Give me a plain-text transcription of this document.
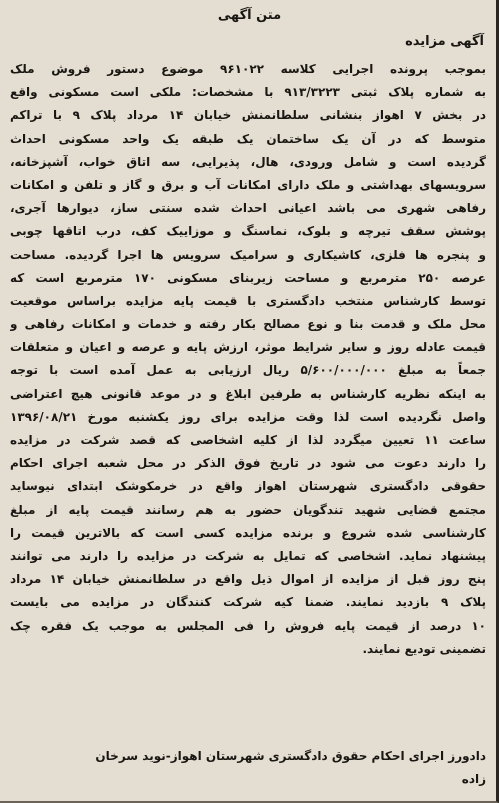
متن آگهی
آگهی مزایده
بموجب پرونده اجرایی کلاسه ۹۶۱۰۲۲ موضوع دستور فروش ملک
به شماره پلاک ثبتی ۹۱۳/۳۲۲۳ با مشخصات: ملکی است مسکونی واقع
در بخش ۷ اهواز بنشانی سلطانمنش خیابان ۱۴ مرداد پلاک ۹ با تراکم
متوسط که در آن یک ساختمان یک طبقه یک واحد مسکونی احداث
گردیده است و شامل ورودی، هال، پذیرایی، سه اتاق خواب، آشپزخانه،
سرویسهای بهداشتی و ملک دارای امکانات آب و برق و گاز و تلفن و امکانات
رفاهی شهری می باشد اعیانی احداث شده سنتی ساز، دیوارها آجری،
پوشش سقف تیرچه و بلوک، نماسنگ و موزاییک کف، درب اتاقها چوبی
و پنجره ها فلزی، کاشیکاری و سرامیک سرویس ها اجرا گردیده. مساحت
عرصه ۲۵۰ مترمربع و مساحت زیربنای مسکونی ۱۷۰ مترمربع است که
توسط کارشناس منتخب دادگستری با قیمت پایه مزایده براساس موقعیت
محل ملک و قدمت بنا و نوع مصالح بکار رفته و خدمات و امکانات رفاهی و
قیمت عادله روز و سایر شرایط موثر، ارزش پایه و عرصه و اعیان و متعلقات
جمعاً به مبلغ ۵/۶۰۰/۰۰۰/۰۰۰ ریال ارزیابی به عمل آمده است با توجه
به اینکه نظریه کارشناس به طرفین ابلاغ و در موعد قانونی هیچ اعتراضی
واصل نگردیده است لذا وقت مزایده برای روز یکشنبه مورخ ۱۳۹۶/۰۸/۲۱
ساعت ۱۱ تعیین میگردد لذا از کلیه اشخاصی که قصد شرکت در مزایده
را دارند دعوت می شود در تاریخ فوق الذکر در محل شعبه اجرای احکام
حقوقی دادگستری شهرستان اهواز واقع در خرمکوشک ابتدای نیوساید
مجتمع قضایی شهید تندگویان حضور به هم رسانند قیمت پایه از مبلغ
کارشناسی شده شروع و برنده مزایده کسی است که بالاترین قیمت را
پیشنهاد نماید. اشخاصی که تمایل به شرکت در مزایده را دارند می توانند
پنج روز قبل از مزایده از اموال ذیل واقع در سلطانمنش خیابان ۱۴ مرداد
پلاک ۹ بازدید نمایند. ضمنا کیه شرکت کنندگان در مزایده می بایست
۱۰ درصد از قیمت پایه فروش را فی المجلس به موجب یک فقره چک
تضمینی تودیع نمایند.
دادورز اجرای احکام حقوق دادگستری شهرستان اهواز-نوید سرخان
زاده
